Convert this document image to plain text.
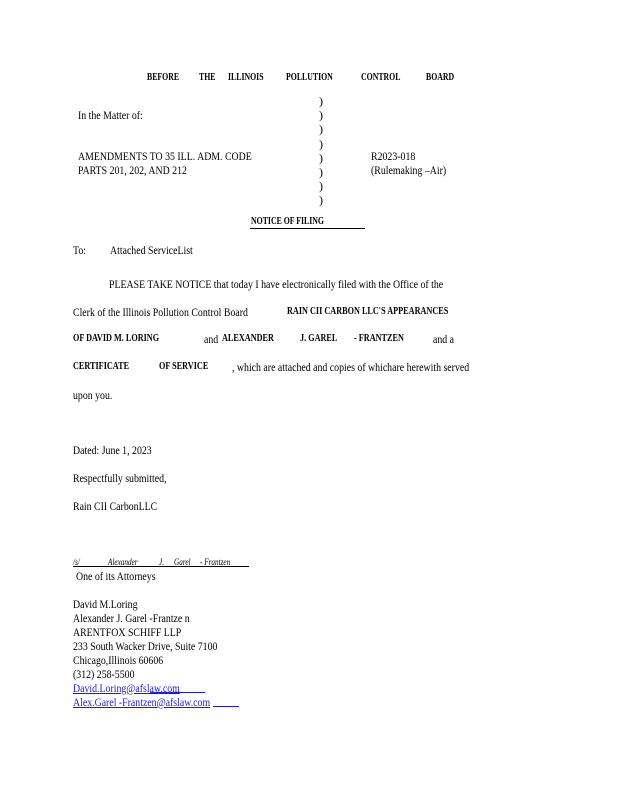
BEFORE THE ILLINOIS POLLUTION	CONTROL	BOARD
In the Matter of:
)
)
)
)
)
)
)
)
AMENDMENTS TO 35 ILL. ADM. CODE
PARTS 201, 202, AND 212
R2023-018
(Rulemaking –Air)
NOTICE OF FILING
To: Attached ServiceList
PLEASE TAKE NOTICE that today I have electronically filed with the Office of the
Clerk of the Illinois Pollution Control Board	RAIN CII CARBON LLC'S APPEARANCES
OF DAVID M. LORING	and ALEXANDER	J. GAREL - FRANTZEN and a
CERTIFICATE	OF SERVICE , which are attached and copies of whichare herewith served
upon you.
Dated: June 1, 2023
Respectfully submitted,
Rain CII CarbonLLC
/s/	Alexander J. Garel - Frantzen
One of its Attorneys
David M.Loring
Alexander J. Garel -Frantze n
ARENTFOX SCHIFF LLP
233 South Wacker Drive, Suite 7100
Chicago,Illinois 60606
(312) 258-5500
David.Loring@afslaw.com
Alex.Garel -Frantzen@afslaw.com
